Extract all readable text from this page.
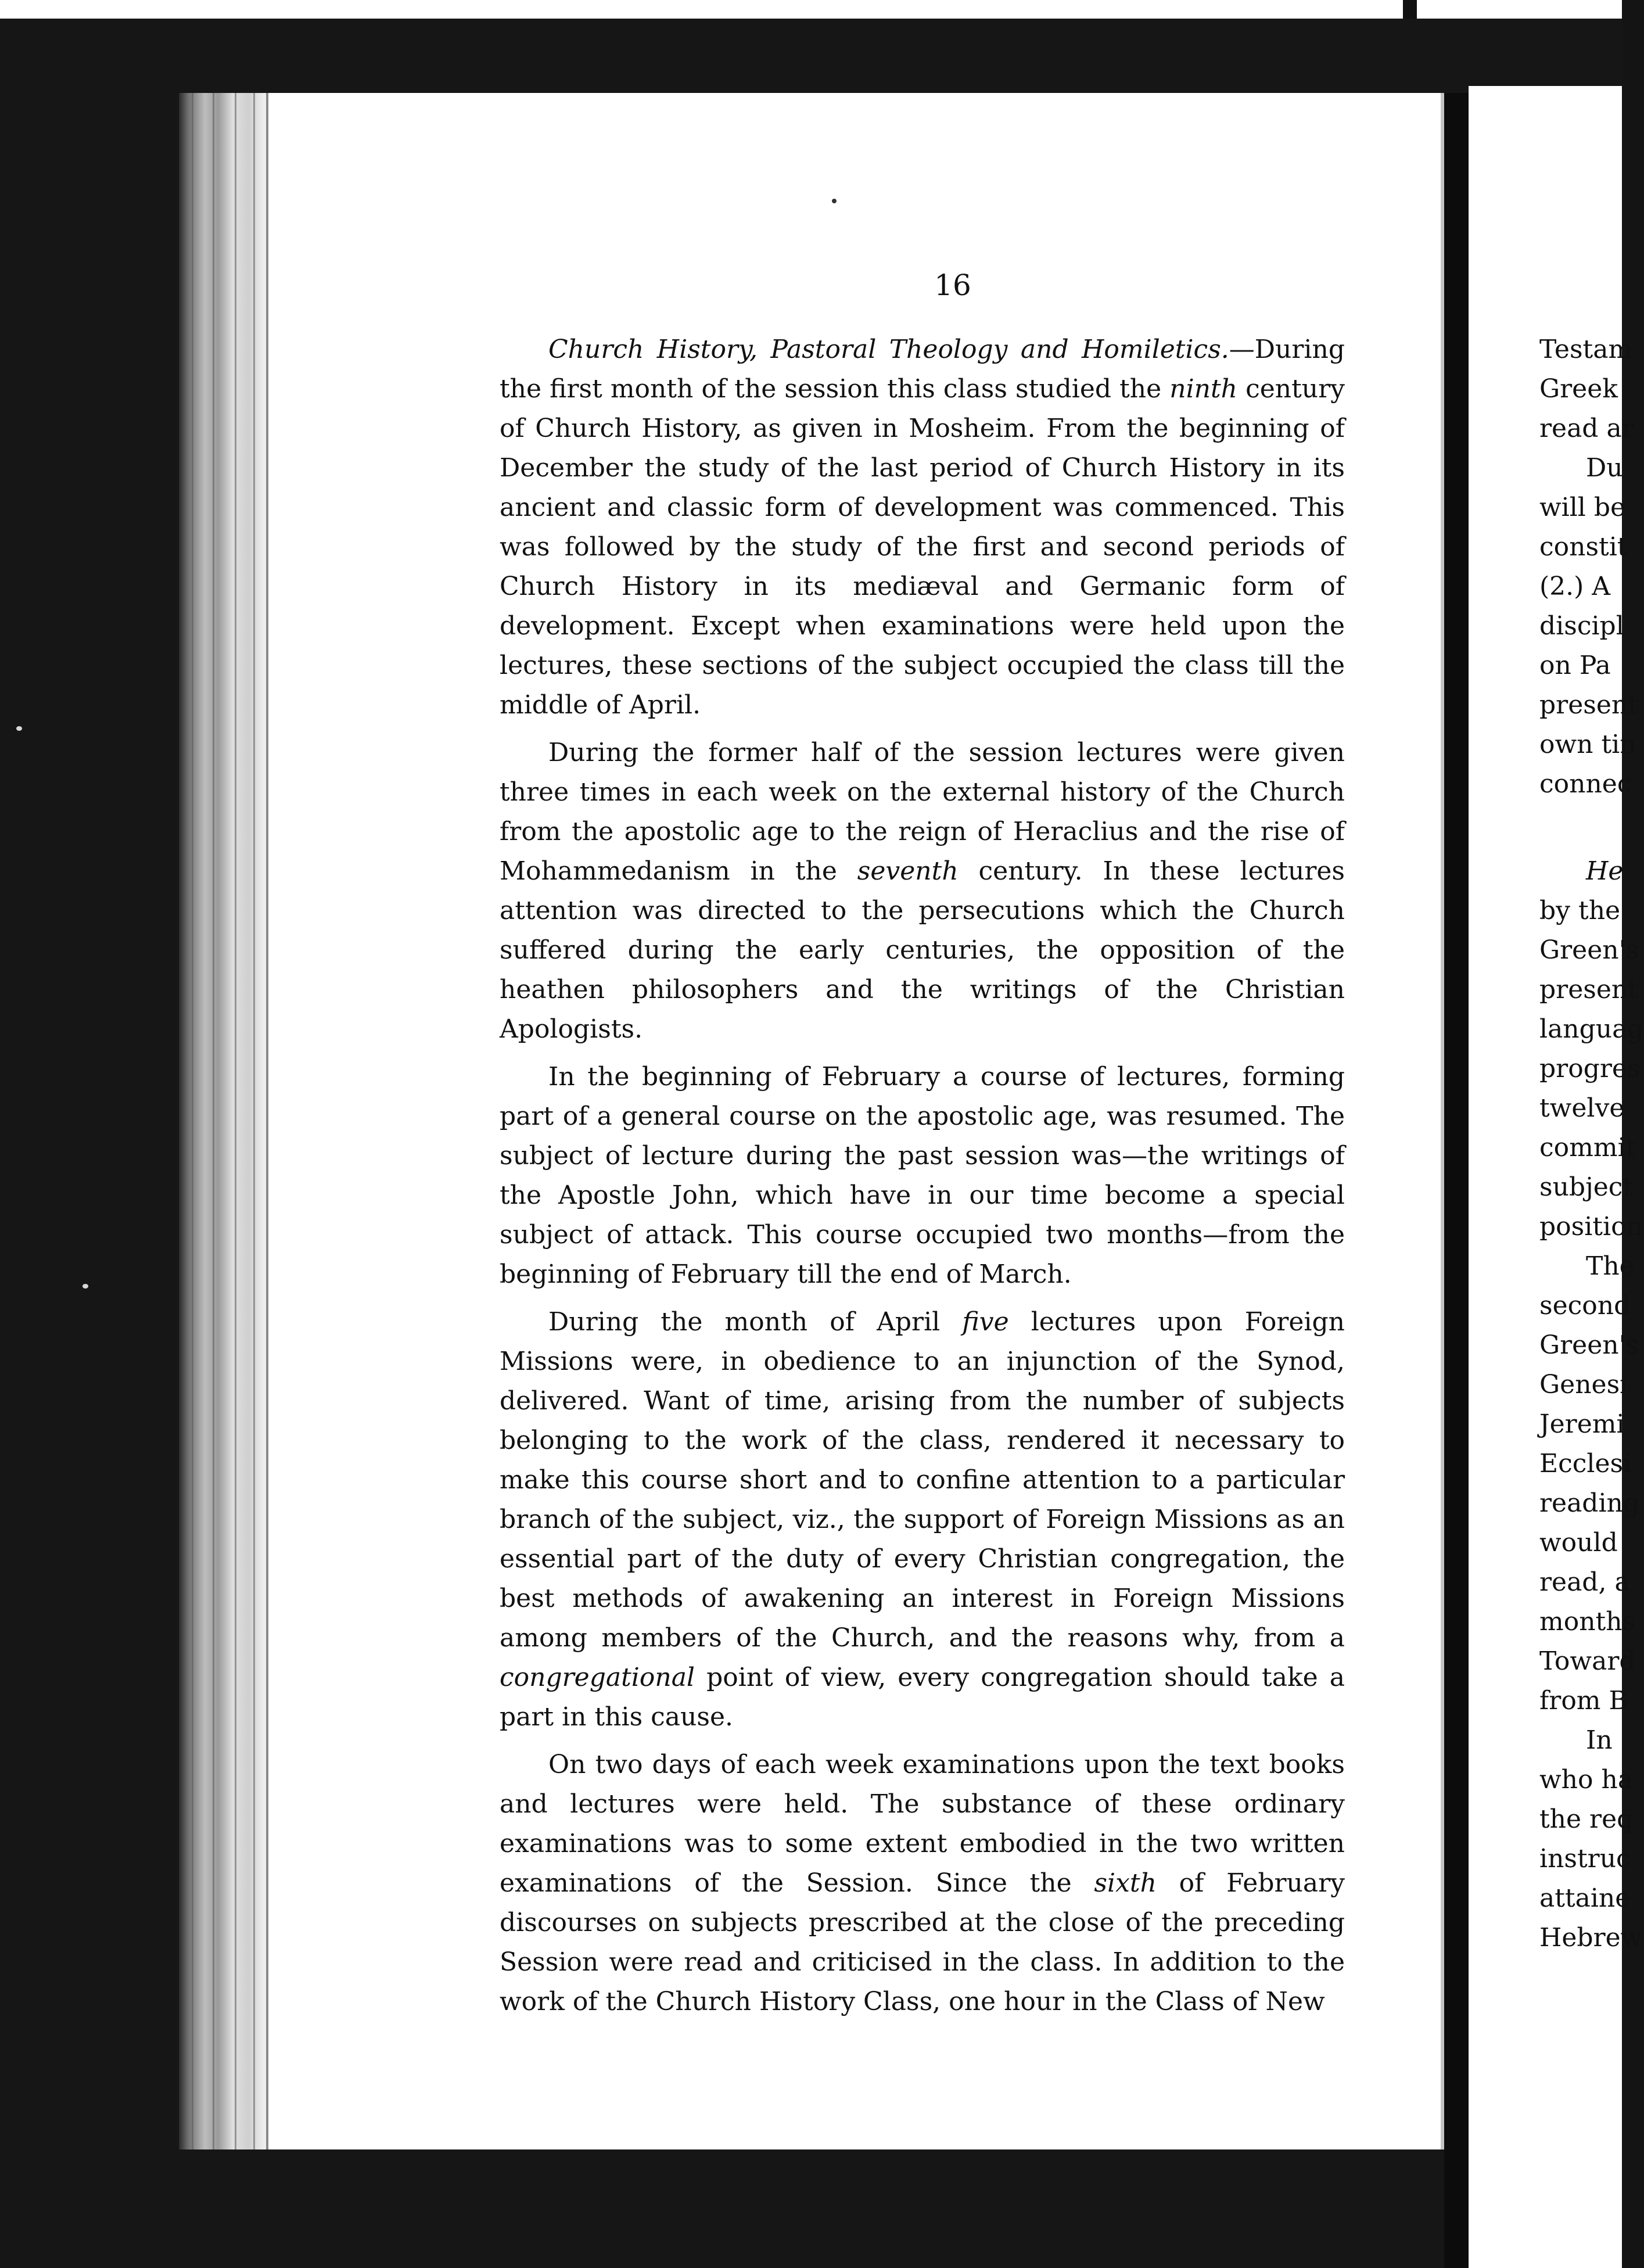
16

Church History, Pastoral Theology and Homiletics.—During the first month of the session this class studied the ninth century of Church History, as given in Mosheim. From the beginning of December the study of the last period of Church History in its ancient and classic form of development was commenced. This was followed by the study of the first and second periods of Church History in its mediæval and Germanic form of development. Except when examinations were held upon the lectures, these sections of the subject occupied the class till the middle of April.

During the former half of the session lectures were given three times in each week on the external history of the Church from the apostolic age to the reign of Heraclius and the rise of Mohammedanism in the seventh century. In these lectures attention was directed to the persecutions which the Church suffered during the early centuries, the opposition of the heathen philosophers and the writings of the Christian Apologists.

In the beginning of February a course of lectures, forming part of a general course on the apostolic age, was resumed. The subject of lecture during the past session was—the writings of the Apostle John, which have in our time become a special subject of attack. This course occupied two months—from the beginning of February till the end of March.

During the month of April five lectures upon Foreign Missions were, in obedience to an injunction of the Synod, delivered. Want of time, arising from the number of subjects belonging to the work of the class, rendered it necessary to make this course short and to confine attention to a particular branch of the subject, viz., the support of Foreign Missions as an essential part of the duty of every Christian congregation, the best methods of awakening an interest in Foreign Missions among members of the Church, and the reasons why, from a congregational point of view, every congregation should take a part in this cause.

On two days of each week examinations upon the text books and lectures were held. The substance of these ordinary examinations was to some extent embodied in the two written examinations of the Session. Since the sixth of February discourses on subjects prescribed at the close of the preceding Session were read and criticised in the class. In addition to the work of the Church History Class, one hour in the Class of New

Testam
Greek
read ar
Du
will be
constit
(2.) A
discipl
on Pa
present
own tin
connec
He
by the
Green's
present
languag
progres
twelve
commit
subject
position
The
second
Green's
Genesi
Jeremi
Ecclesi
reading
would
read, a
months
Toward
from B
In
who ha
the req
instruc
attaine
Hebrew
